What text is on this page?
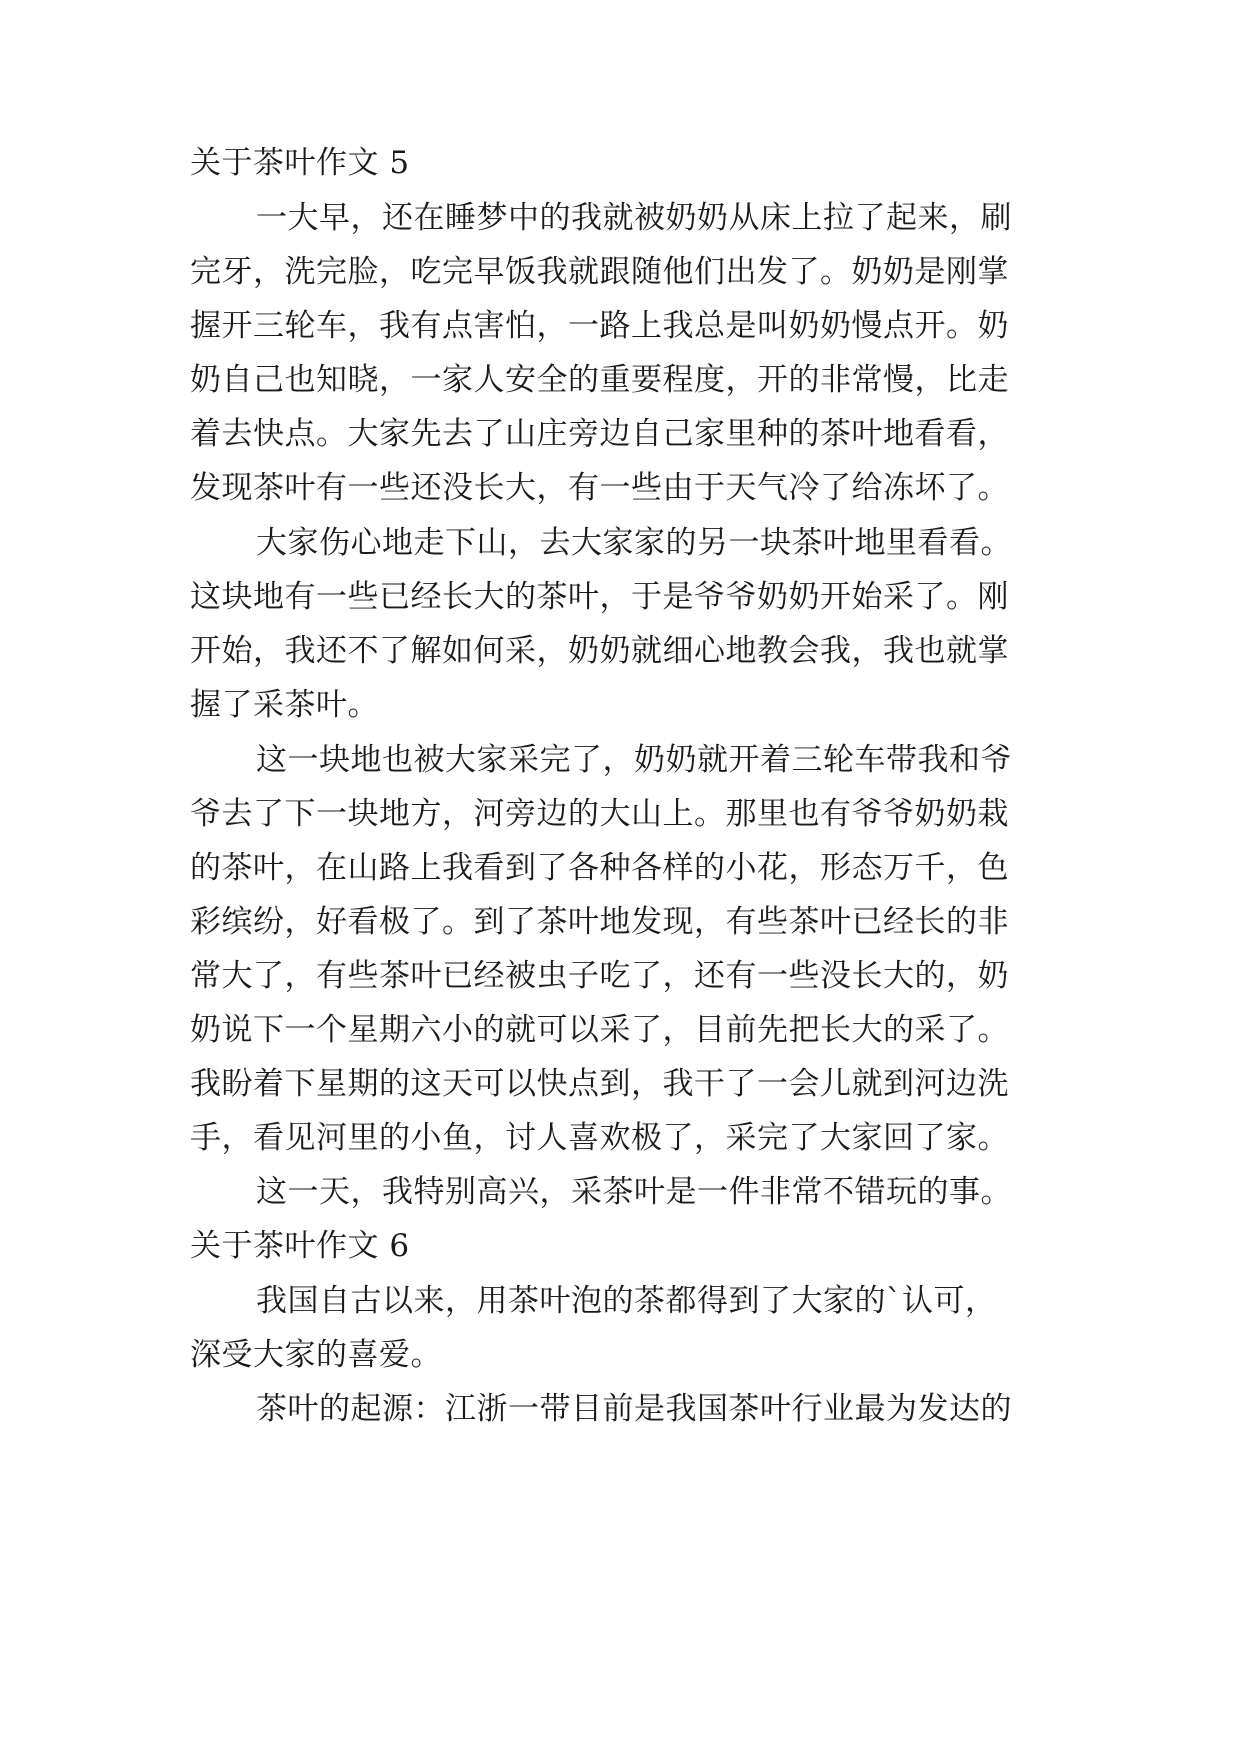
关于茶叶作文 5

一大早，还在睡梦中的我就被奶奶从床上拉了起来，刷

完牙，洗完脸，吃完早饭我就跟随他们出发了。奶奶是刚掌

握开三轮车，我有点害怕，一路上我总是叫奶奶慢点开。奶

奶自己也知晓，一家人安全的重要程度，开的非常慢，比走

着去快点。大家先去了山庄旁边自己家里种的茶叶地看看，

发现茶叶有一些还没长大，有一些由于天气冷了给冻坏了。

大家伤心地走下山，去大家家的另一块茶叶地里看看。

这块地有一些已经长大的茶叶，于是爷爷奶奶开始采了。刚

开始，我还不了解如何采，奶奶就细心地教会我，我也就掌

握了采茶叶。

这一块地也被大家采完了，奶奶就开着三轮车带我和爷

爷去了下一块地方，河旁边的大山上。那里也有爷爷奶奶栽

的茶叶，在山路上我看到了各种各样的小花，形态万千，色

彩缤纷，好看极了。到了茶叶地发现，有些茶叶已经长的非

常大了，有些茶叶已经被虫子吃了，还有一些没长大的，奶

奶说下一个星期六小的就可以采了，目前先把长大的采了。

我盼着下星期的这天可以快点到，我干了一会儿就到河边洗

手，看见河里的小鱼，讨人喜欢极了，采完了大家回了家。

这一天，我特别高兴，采茶叶是一件非常不错玩的事。

关于茶叶作文 6

我国自古以来，用茶叶泡的茶都得到了大家的`认可，

深受大家的喜爱。

茶叶的起源：江浙一带目前是我国茶叶行业最为发达的
